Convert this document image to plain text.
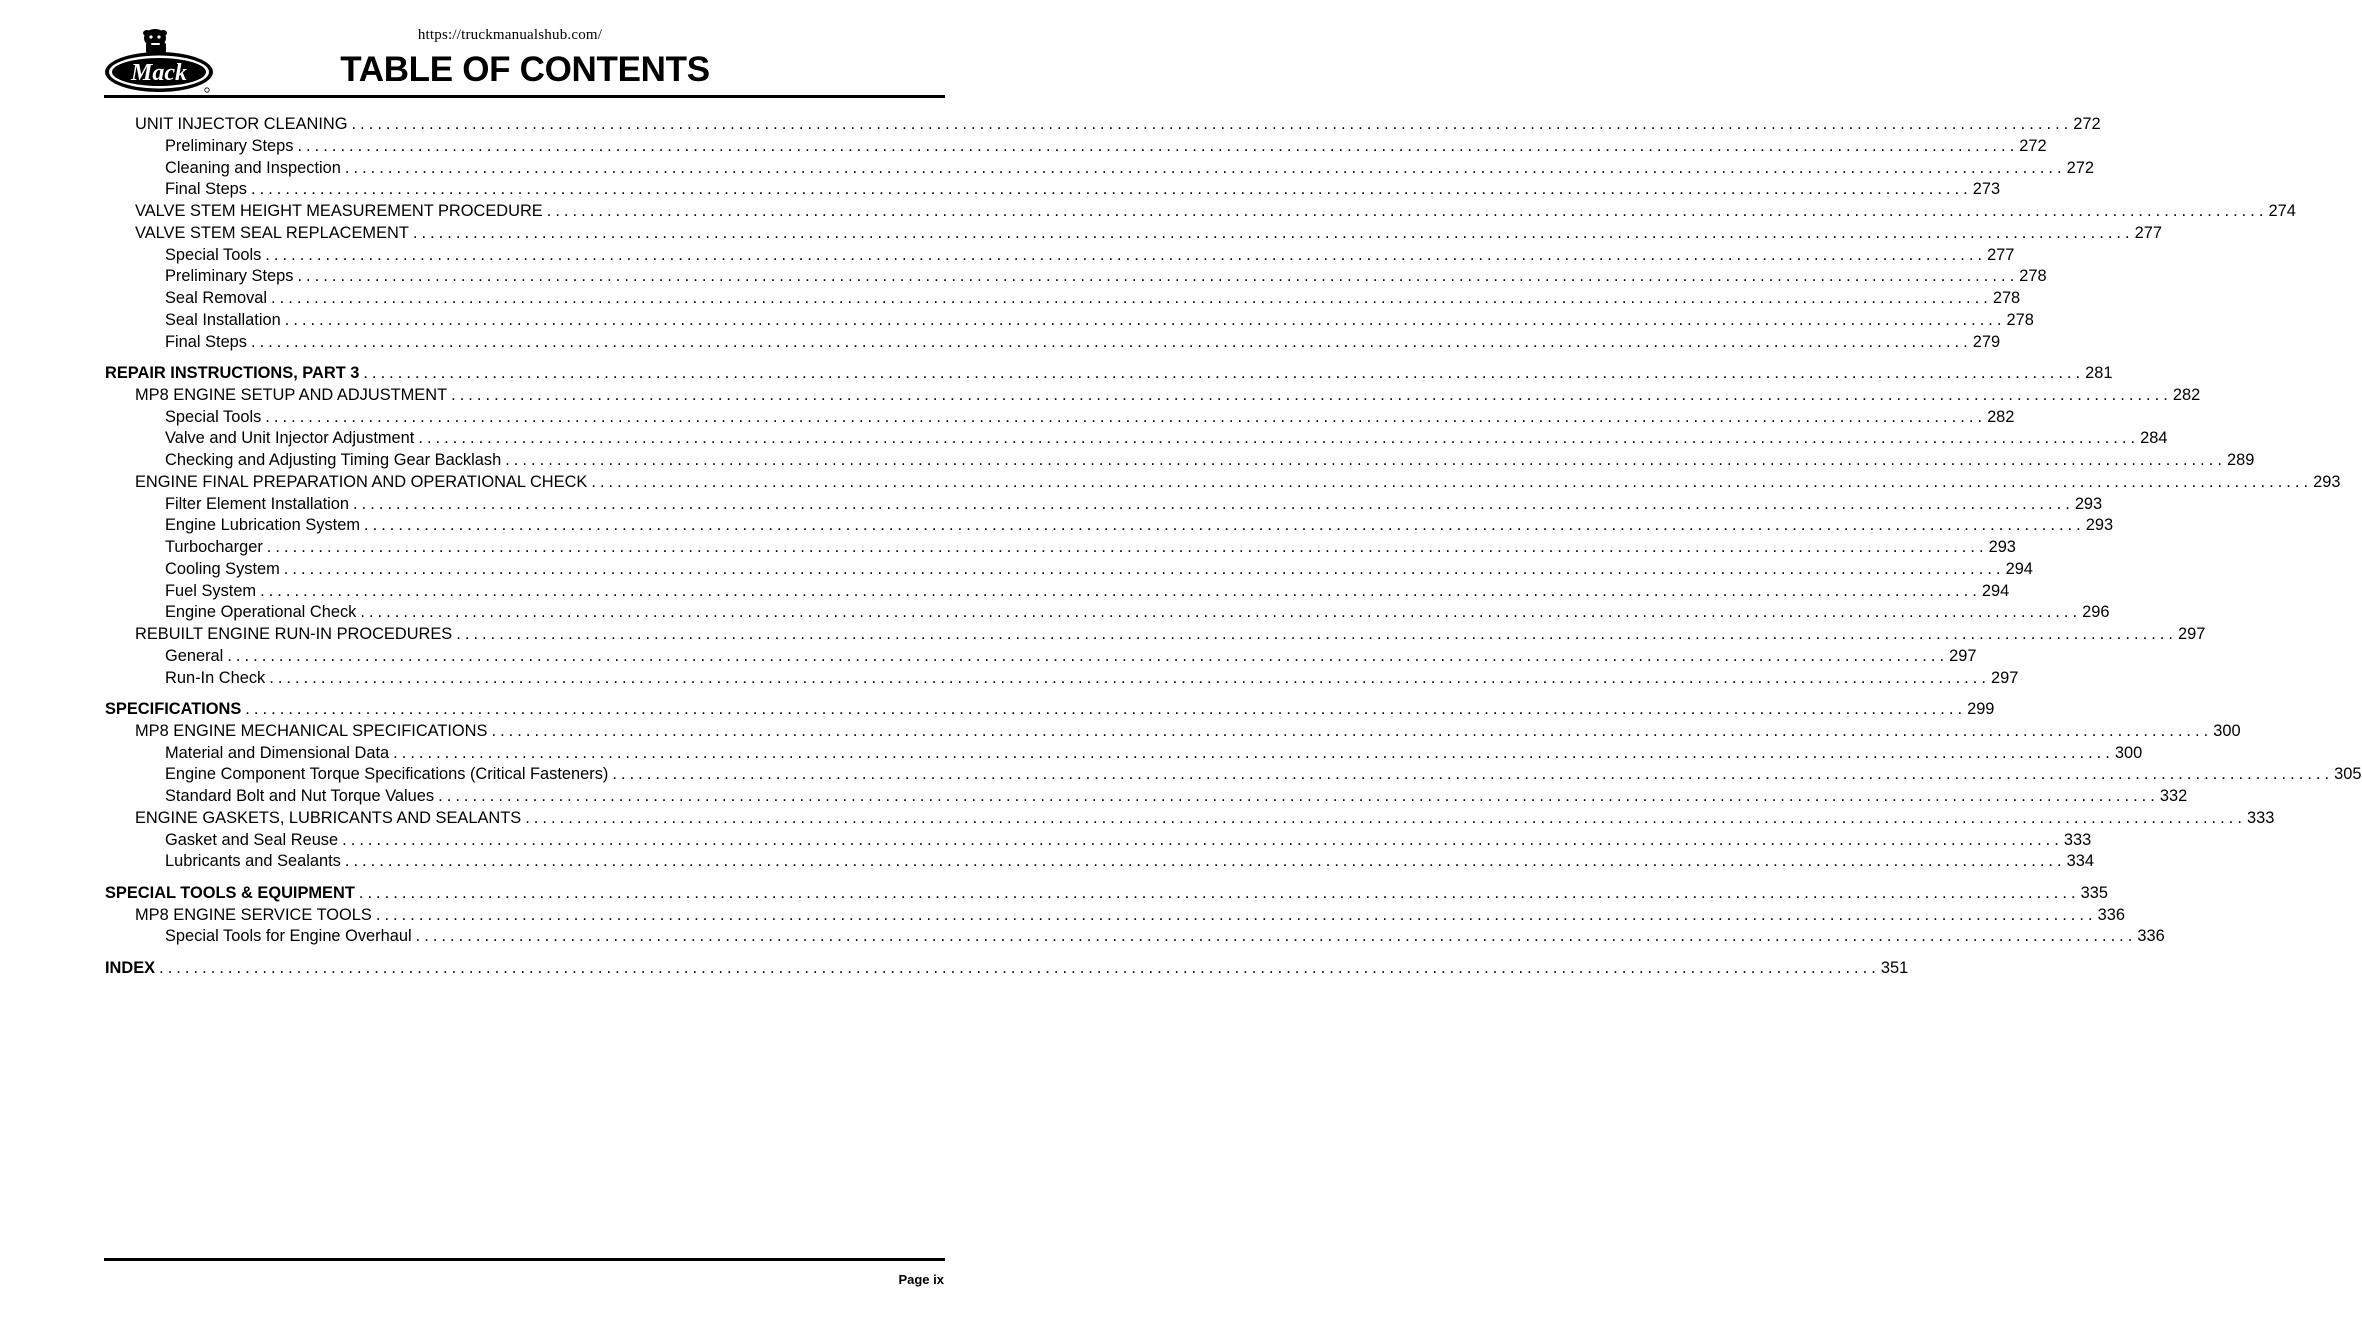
https://truckmanualshub.com/
Mack	TABLE OF CONTENTS
UNIT INJECTOR CLEANING ........................................................................................................................................................................................................ 272
Preliminary Steps ........................................................................................................................................................................................................ 272
Cleaning and Inspection ........................................................................................................................................................................................................ 272
Final Steps ........................................................................................................................................................................................................ 273
VALVE STEM HEIGHT MEASUREMENT PROCEDURE ........................................................................................................................................................................................................ 274
VALVE STEM SEAL REPLACEMENT ........................................................................................................................................................................................................ 277
Special Tools ........................................................................................................................................................................................................ 277
Preliminary Steps ........................................................................................................................................................................................................ 278
Seal Removal ........................................................................................................................................................................................................ 278
Seal Installation ........................................................................................................................................................................................................ 278
Final Steps ........................................................................................................................................................................................................ 279
REPAIR INSTRUCTIONS, PART 3 ........................................................................................................................................................................................................ 281
MP8 ENGINE SETUP AND ADJUSTMENT ........................................................................................................................................................................................................ 282
Special Tools ........................................................................................................................................................................................................ 282
Valve and Unit Injector Adjustment ........................................................................................................................................................................................................ 284
Checking and Adjusting Timing Gear Backlash ........................................................................................................................................................................................................ 289
ENGINE FINAL PREPARATION AND OPERATIONAL CHECK ........................................................................................................................................................................................................ 293
Filter Element Installation ........................................................................................................................................................................................................ 293
Engine Lubrication System ........................................................................................................................................................................................................ 293
Turbocharger ........................................................................................................................................................................................................ 293
Cooling System ........................................................................................................................................................................................................ 294
Fuel System ........................................................................................................................................................................................................ 294
Engine Operational Check ........................................................................................................................................................................................................ 296
REBUILT ENGINE RUN-IN PROCEDURES ........................................................................................................................................................................................................ 297
General ........................................................................................................................................................................................................ 297
Run-In Check ........................................................................................................................................................................................................ 297
SPECIFICATIONS ........................................................................................................................................................................................................ 299
MP8 ENGINE MECHANICAL SPECIFICATIONS ........................................................................................................................................................................................................ 300
Material and Dimensional Data ........................................................................................................................................................................................................ 300
Engine Component Torque Specifications (Critical Fasteners) ........................................................................................................................................................................................................ 305
Standard Bolt and Nut Torque Values ........................................................................................................................................................................................................ 332
ENGINE GASKETS, LUBRICANTS AND SEALANTS ........................................................................................................................................................................................................ 333
Gasket and Seal Reuse ........................................................................................................................................................................................................ 333
Lubricants and Sealants ........................................................................................................................................................................................................ 334
SPECIAL TOOLS & EQUIPMENT ........................................................................................................................................................................................................ 335
MP8 ENGINE SERVICE TOOLS ........................................................................................................................................................................................................ 336
Special Tools for Engine Overhaul ........................................................................................................................................................................................................ 336
INDEX ........................................................................................................................................................................................................ 351
Page ix
